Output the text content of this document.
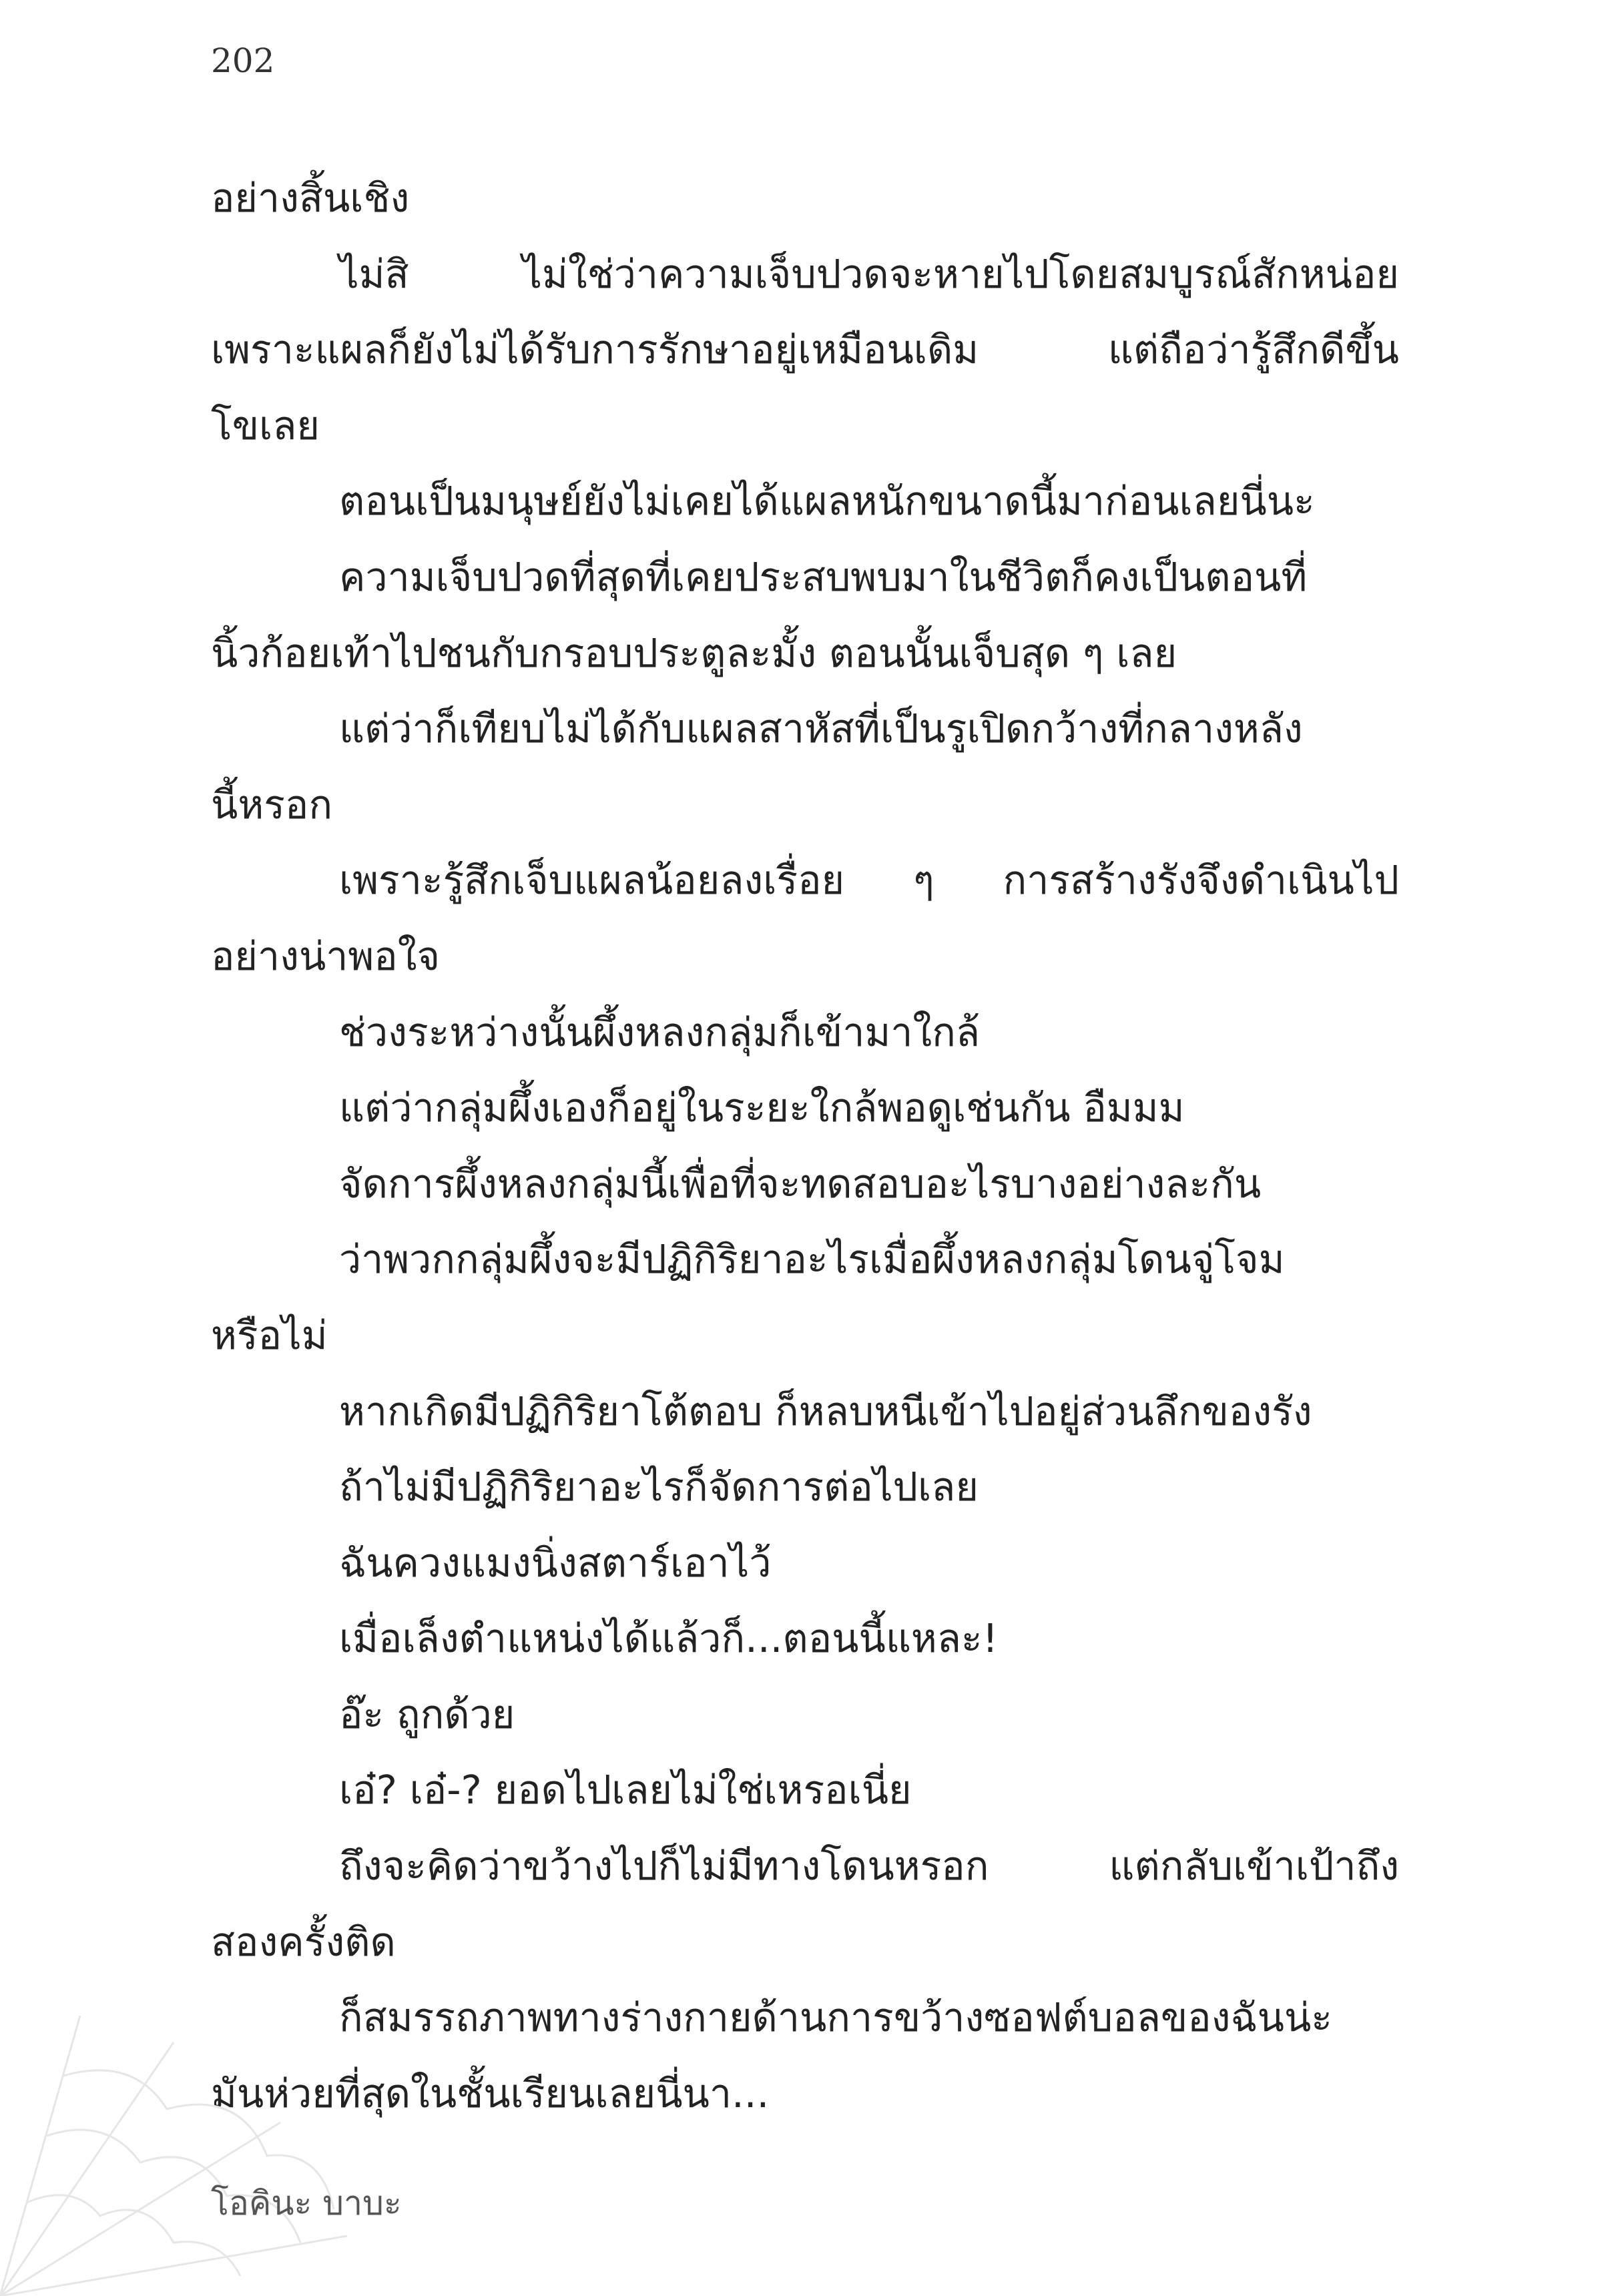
202
อย่างสิ้นเชิง
ไม่สิ	ไม่ใช่ว่าความเจ็บปวดจะหายไปโดยสมบูรณ์สักหน่อย
เพราะแผลก็ยังไม่ได้รับการรักษาอยู่เหมือนเดิม	แต่ถือว่ารู้สึกดีขึ้น
โขเลย
ตอนเป็นมนุษย์ยังไม่เคยได้แผลหนักขนาดนี้มาก่อนเลยนี่นะ
ความเจ็บปวดที่สุดที่เคยประสบพบมาในชีวิตก็คงเป็นตอนที่
นิ้วก้อยเท้าไปชนกับกรอบประตูละมั้ง ตอนนั้นเจ็บสุด ๆ เลย
แต่ว่าก็เทียบไม่ได้กับแผลสาหัสที่เป็นรูเปิดกว้างที่กลางหลัง
นี้หรอก
เพราะรู้สึกเจ็บแผลน้อยลงเรื่อย ๆ การสร้างรังจึงดำเนินไป
อย่างน่าพอใจ
ช่วงระหว่างนั้นผึ้งหลงกลุ่มก็เข้ามาใกล้
แต่ว่ากลุ่มผึ้งเองก็อยู่ในระยะใกล้พอดูเช่นกัน อืมมม
จัดการผึ้งหลงกลุ่มนี้เพื่อที่จะทดสอบอะไรบางอย่างละกัน
ว่าพวกกลุ่มผึ้งจะมีปฏิกิริยาอะไรเมื่อผึ้งหลงกลุ่มโดนจู่โจม
หรือไม่
หากเกิดมีปฏิกิริยาโต้ตอบ ก็หลบหนีเข้าไปอยู่ส่วนลึกของรัง
ถ้าไม่มีปฏิกิริยาอะไรก็จัดการต่อไปเลย
ฉันควงแมงนิ่งสตาร์เอาไว้
เมื่อเล็งตำแหน่งได้แล้วก็...ตอนนี้แหละ!
อ๊ะ ถูกด้วย
เอ๋? เอ๋-? ยอดไปเลยไม่ใช่เหรอเนี่ย
ถึงจะคิดว่าขว้างไปก็ไม่มีทางโดนหรอก	แต่กลับเข้าเป้าถึง
สองครั้งติด
ก็สมรรถภาพทางร่างกายด้านการขว้างซอฟต์บอลของฉันน่ะ
มันห่วยที่สุดในชั้นเรียนเลยนี่นา...
โอคินะ บาบะ
